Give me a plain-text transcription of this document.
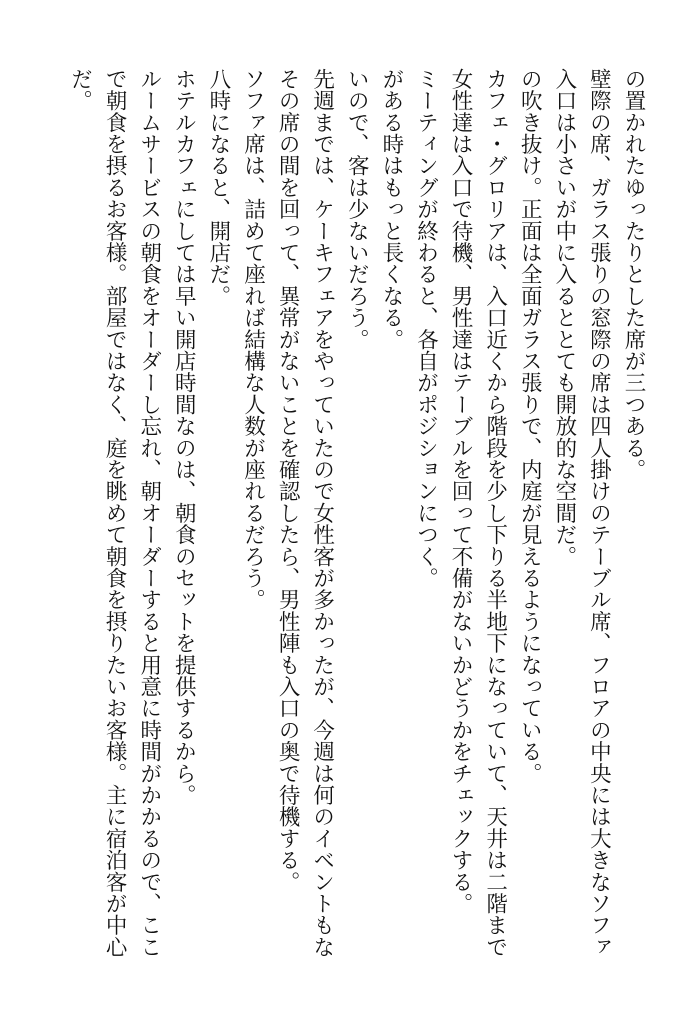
の置かれたゆったりとした席が三つある。

壁際の席、ガラス張りの窓際の席は四人掛けのテーブル席、フロアの中央には大きなソファ

入口は小さいが中に入るととても開放的な空間だ。

の吹き抜け。正面は全面ガラス張りで、内庭が見えるようになっている。

カフェ・グロリアは、入口近くから階段を少し下りる半地下になっていて、天井は二階まで

女性達は入口で待機、男性達はテーブルを回って不備がないかどうかをチェックする。

ミーティングが終わると、各自がポジションにつく。

がある時はもっと長くなる。

いので、客は少ないだろう。

先週までは、ケーキフェアをやっていたので女性客が多かったが、今週は何のイベントもな

その席の間を回って、異常がないことを確認したら、男性陣も入口の奥で待機する。

ソファ席は、詰めて座れば結構な人数が座れるだろう。

八時になると、開店だ。

ホテルカフェにしては早い開店時間なのは、朝食のセットを提供するから。

ルームサービスの朝食をオーダーし忘れ、朝オーダーすると用意に時間がかかるので、ここ

で朝食を摂るお客様。部屋ではなく、庭を眺めて朝食を摂りたいお客様。主に宿泊客が中心

だ。
